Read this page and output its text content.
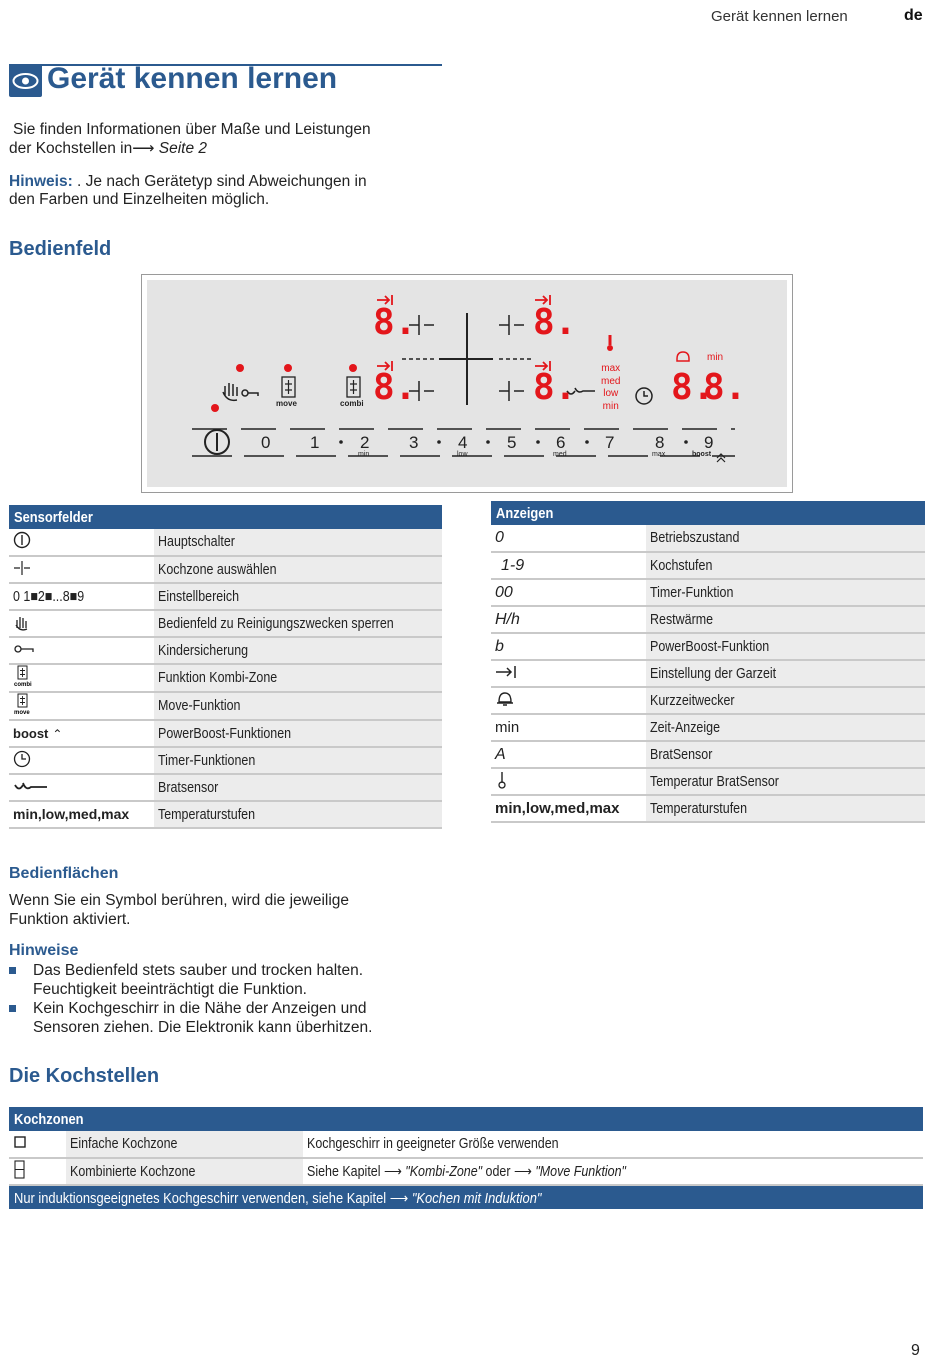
Gerät kennen lernen	de
Gerät kennen lernen
Sie finden Informationen über Maße und Leistungen
der Kochstellen in⟶ Seite 2
Hinweis: . Je nach Gerätetyp sind Abweichungen in
den Farben und Einzelheiten möglich.
Bedienfeld
8.
8.
8.
8.	8.
8.
max
med
low
min
min
move	combi
0 1 2 3 4 5 6 7 8 9
min	low	med	max	boost
Sensorfelder	
	Hauptschalter
	Kochzone auswählen
0 1■2■...8■9	Einstellbereich
	Bedienfeld zu Reinigungszwecken sperren
	Kindersicherung

combi	Funktion Kombi-Zone

move	Move-Funktion
boost ⌃	PowerBoost-Funktionen
	Timer-Funktionen
	Bratsensor
min,low,med,max	Temperaturstufen
Anzeigen	
0	Betriebszustand
1-9	Kochstufen
00	Timer-Funktion
H/h	Restwärme
b	PowerBoost-Funktion
	Einstellung der Garzeit
	Kurzzeitwecker
min	Zeit-Anzeige
A	BratSensor
	Temperatur BratSensor
min,low,med,max	Temperaturstufen
Bedienflächen
Wenn Sie ein Symbol berühren, wird die jeweilige
Funktion aktiviert.
Hinweise
Das Bedienfeld stets sauber und trocken halten.
Feuchtigkeit beeinträchtigt die Funktion.
Kein Kochgeschirr in die Nähe der Anzeigen und
Sensoren ziehen. Die Elektronik kann überhitzen.
Die Kochstellen
Kochzonen		
	Einfache Kochzone	Kochgeschirr in geeigneter Größe verwenden
	Kombinierte Kochzone	Siehe Kapitel ⟶ "Kombi-Zone" oder ⟶ "Move Funktion"
Nur induktionsgeeignetes Kochgeschirr verwenden, siehe Kapitel ⟶ "Kochen mit Induktion"		
9
